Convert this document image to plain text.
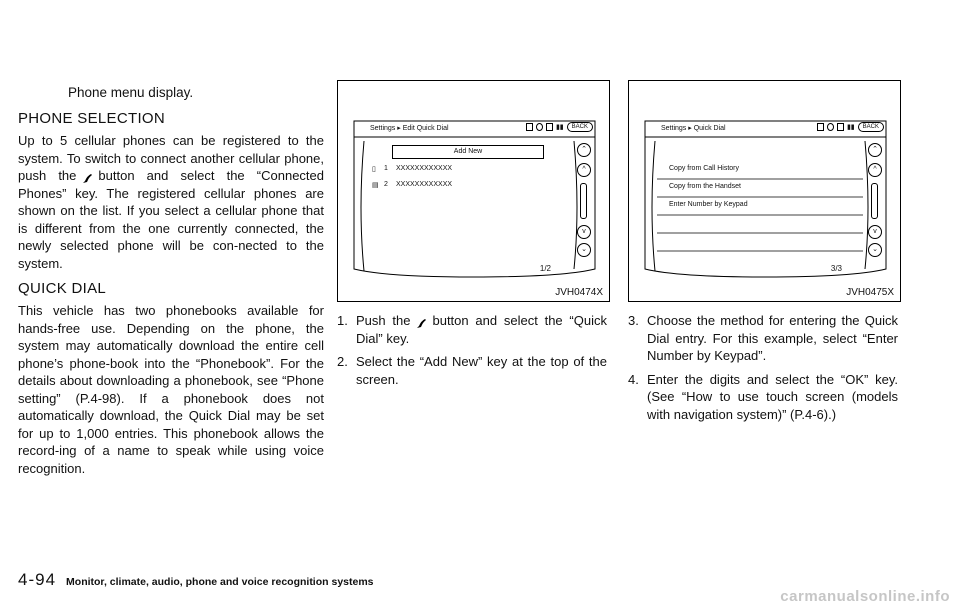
Phone menu display.

PHONE SELECTION

Up to 5 cellular phones can be registered to the system. To switch to connect another cellular phone, push the button and select the “Connected Phones” key. The registered cellular phones are shown on the list. If you select a cellular phone that is different from the one currently connected, the newly selected phone will be con-nected to the system.

QUICK DIAL

This vehicle has two phonebooks available for hands-free use. Depending on the phone, the system may automatically download the entire cell phone’s phone-book into the “Phonebook”. For the details about downloading a phonebook, see “Phone setting” (P.4-98). If a phonebook does not automatically download, the Quick Dial may be set for up to 1,000 entries. This phonebook allows the record-ing of a name to speak while using voice recognition.

Settings ▸ Edit Quick Dial	▮▮	BACK
Add New
▯ 1 XXXXXXXXXXXX
▤ 2 XXXXXXXXXXXX
1/2
⌃
^
v
⌄
JVH0474X
Settings ▸ Quick Dial	▮▮	BACK
Copy from Call History
Copy from the Handset
Enter Number by Keypad
3/3
⌃
^
v
⌄
JVH0475X
1. Push the button and select the “Quick Dial” key.
2. Select the “Add New” key at the top of the screen.
3. Choose the method for entering the Quick Dial entry. For this example, select “Enter Number by Keypad”.
4. Enter the digits and select the “OK” key. (See “How to use touch screen (models with navigation system)” (P.4-6).)
4-94 Monitor, climate, audio, phone and voice recognition systems
carmanualsonline.info
